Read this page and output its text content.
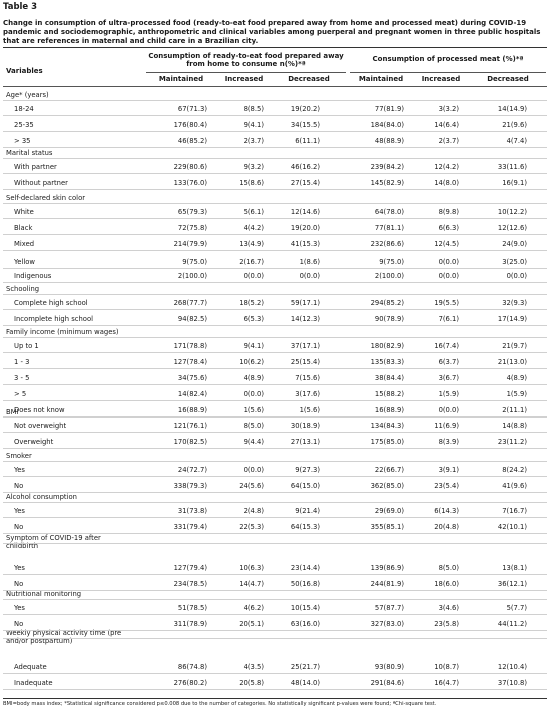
Table 3
Change in consumption of ultra-processed food (ready-to-eat food prepared away from home and processed meat) during COVID-19 pandemic and sociodemographic, anthropometric and clinical variables among puerperal and pregnant women in three public hospitals that are references in maternal and child care in a Brazilian city.
Variables
Consumption of ready-to-eat food prepared away from home to consume n(%)*ª
Consumption of processed meat (%)*ª
Maintained	Increased	Decreased	Maintained	Increased	Decreased
Age* (years)
18-24	67(71.3)	8(8.5)	19(20.2)	77(81.9)	3(3.2)	14(14.9)
25-35	176(80.4)	9(4.1)	34(15.5)	184(84.0)	14(6.4)	21(9.6)
> 35	46(85.2)	2(3.7)	6(11.1)	48(88.9)	2(3.7)	4(7.4)
Marital status
With partner	229(80.6)	9(3.2)	46(16.2)	239(84.2)	12(4.2)	33(11.6)
Without partner	133(76.0)	15(8.6)	27(15.4)	145(82.9)	14(8.0)	16(9.1)
Self-declared skin color
White	65(79.3)	5(6.1)	12(14.6)	64(78.0)	8(9.8)	10(12.2)
Black	72(75.8)	4(4.2)	19(20.0)	77(81.1)	6(6.3)	12(12.6)
Mixed	214(79.9)	13(4.9)	41(15.3)	232(86.6)	12(4.5)	24(9.0)
Yellow	9(75.0)	2(16.7)	1(8.6)	9(75.0)	0(0.0)	3(25.0)
Indigenous	2(100.0)	0(0.0)	0(0.0)	2(100.0)	0(0.0)	0(0.0)
Schooling
Complete high school	268(77.7)	18(5.2)	59(17.1)	294(85.2)	19(5.5)	32(9.3)
Incomplete high school	94(82.5)	6(5.3)	14(12.3)	90(78.9)	7(6.1)	17(14.9)
Family income (minimum wages)
Up to 1	171(78.8)	9(4.1)	37(17.1)	180(82.9)	16(7.4)	21(9.7)
1 - 3	127(78.4)	10(6.2)	25(15.4)	135(83.3)	6(3.7)	21(13.0)
3 - 5	34(75.6)	4(8.9)	7(15.6)	38(84.4)	3(6.7)	4(8.9)
> 5	14(82.4)	0(0.0)	3(17.6)	15(88.2)	1(5.9)	1(5.9)
Does not know	16(88.9)	1(5.6)	1(5.6)	16(88.9)	0(0.0)	2(11.1)
BMI
Not overweight	121(76.1)	8(5.0)	30(18.9)	134(84.3)	11(6.9)	14(8.8)
Overweight	170(82.5)	9(4.4)	27(13.1)	175(85.0)	8(3.9)	23(11.2)
Smoker
Yes	24(72.7)	0(0.0)	9(27.3)	22(66.7)	3(9.1)	8(24.2)
No	338(79.3)	24(5.6)	64(15.0)	362(85.0)	23(5.4)	41(9.6)
Alcohol consumption
Yes	31(73.8)	2(4.8)	9(21.4)	29(69.0)	6(14.3)	7(16.7)
No	331(79.4)	22(5.3)	64(15.3)	355(85.1)	20(4.8)	42(10.1)
Symptom of COVID-19 after childbirth
Yes	127(79.4)	10(6.3)	23(14.4)	139(86.9)	8(5.0)	13(8.1)
No	234(78.5)	14(4.7)	50(16.8)	244(81.9)	18(6.0)	36(12.1)
Nutritional monitoring
Yes	51(78.5)	4(6.2)	10(15.4)	57(87.7)	3(4.6)	5(7.7)
No	311(78.9)	20(5.1)	63(16.0)	327(83.0)	23(5.8)	44(11.2)
Weekly physical activity time (pre and/or postpartum)
Adequate	86(74.8)	4(3.5)	25(21.7)	93(80.9)	10(8.7)	12(10.4)
Inadequate	276(80.2)	20(5.8)	48(14.0)	291(84.6)	16(4.7)	37(10.8)
BMI=body mass index; *Statistical significance considered p≤0.008 due to the number of categories. No statistically significant p-values were found; ªChi-square test.
